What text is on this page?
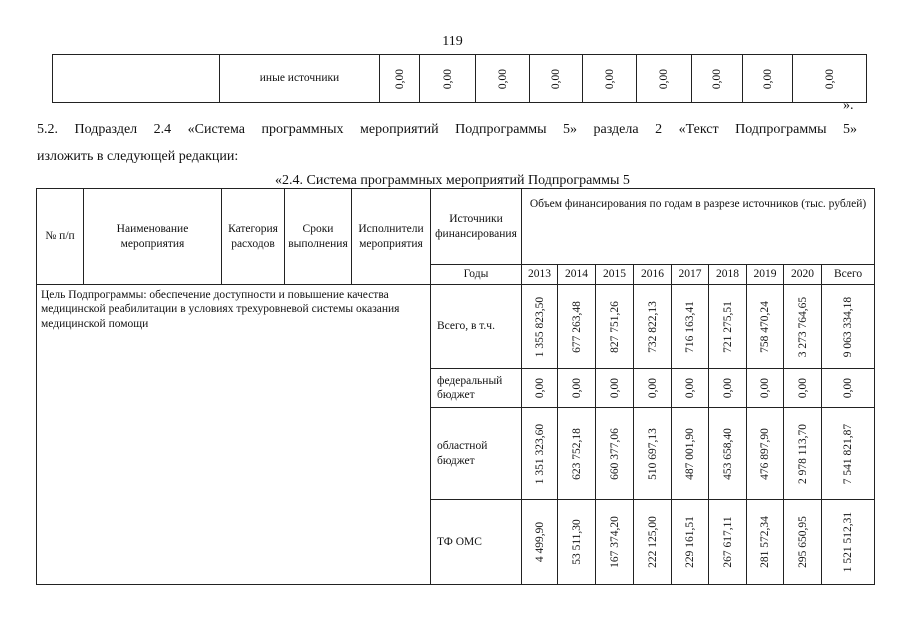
119
	иные источники	0,00	0,00	0,00	0,00	0,00	0,00	0,00	0,00	0,00
».
5.2. Подраздел 2.4 «Система программных мероприятий Подпрограммы 5» раздела 2 «Текст Подпрограммы 5»
изложить в следующей редакции:
«2.4. Система программных мероприятий Подпрограммы 5
№ п/п	Наименование мероприятия	Категория расходов	Сроки выполнения	Исполнители мероприятия	Источники финансирования	Объем финансирования по годам в разрезе источников (тыс. рублей)								
					Годы	2013	2014	2015	2016	2017	2018	2019	2020	Всего
Цель Подпрограммы: обеспечение доступности и повышение качества медицинской реабилитации в условиях трехуровневой системы оказания медицинской помощи					Всего, в т.ч.	1 355 823,50	677 263,48	827 751,26	732 822,13	716 163,41	721 275,51	758 470,24	3 273 764,65	9 063 334,18

					федеральный бюджет	0,00	0,00	0,00	0,00	0,00	0,00	0,00	0,00	0,00

					областной бюджет	1 351 323,60	623 752,18	660 377,06	510 697,13	487 001,90	453 658,40	476 897,90	2 978 113,70	7 541 821,87

					ТФ ОМС	4 499,90	53 511,30	167 374,20	222 125,00	229 161,51	267 617,11	281 572,34	295 650,95	1 521 512,31
